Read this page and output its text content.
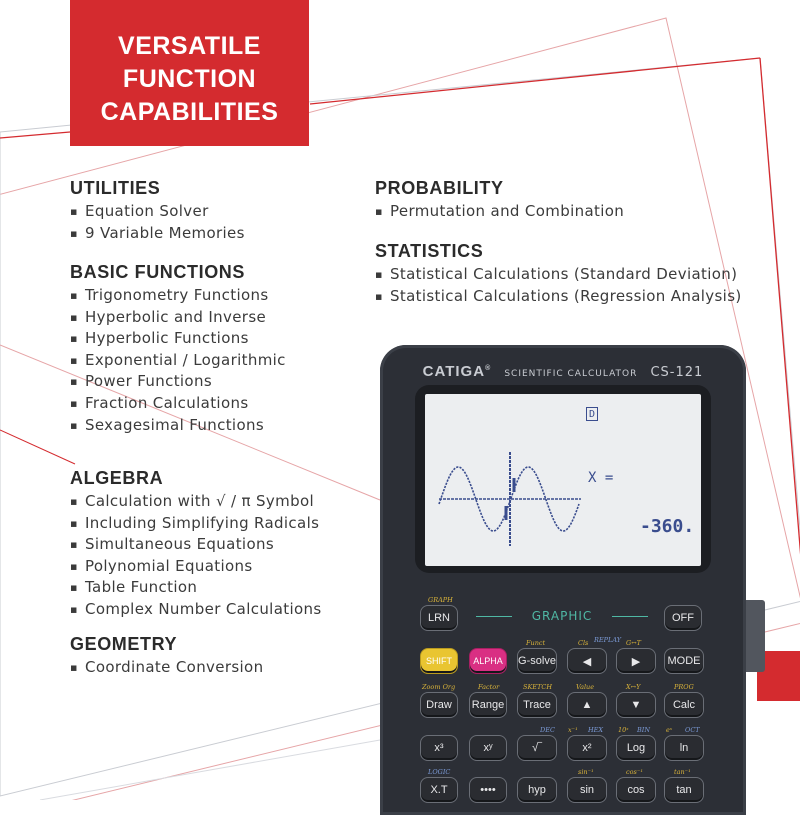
VERSATILE
FUNCTION
CAPABILITIES
UTILITIES
▪ Equation Solver
▪ 9 Variable Memories
BASIC FUNCTIONS
▪ Trigonometry Functions
▪ Hyperbolic and Inverse
▪ Hyperbolic Functions
▪ Exponential / Logarithmic
▪ Power Functions
▪ Fraction Calculations
▪ Sexagesimal Functions
ALGEBRA
▪ Calculation with √ / π Symbol
▪ Including Simplifying Radicals
▪ Simultaneous Equations
▪ Polynomial Equations
▪ Table Function
▪ Complex Number Calculations
GEOMETRY
▪ Coordinate Conversion
PROBABILITY
▪ Permutation and Combination
STATISTICS
▪ Statistical Calculations (Standard Deviation)
▪ Statistical Calculations (Regression Analysis)
CATIGA® SCIENTIFIC CALCULATOR CS-121
D
X =
-360.
GRAPHIC
GRAPH
LRN	OFF
Funct	Cls REPLAY G↔T
SHIFT	ALPHA	G-solve	◀	▶	MODE
Zoom Org	Factor	SKETCH	Value	X↔Y	PROG
Draw	Range	Trace	▲	▼	Calc
DEC x⁻¹ HEX 10ˣ BIN eˣ OCT
x³	xʸ	√‾	x²	Log	ln
LOGIC	sin⁻¹	cos⁻¹	tan⁻¹
X.T	••••	hyp	sin	cos	tan
